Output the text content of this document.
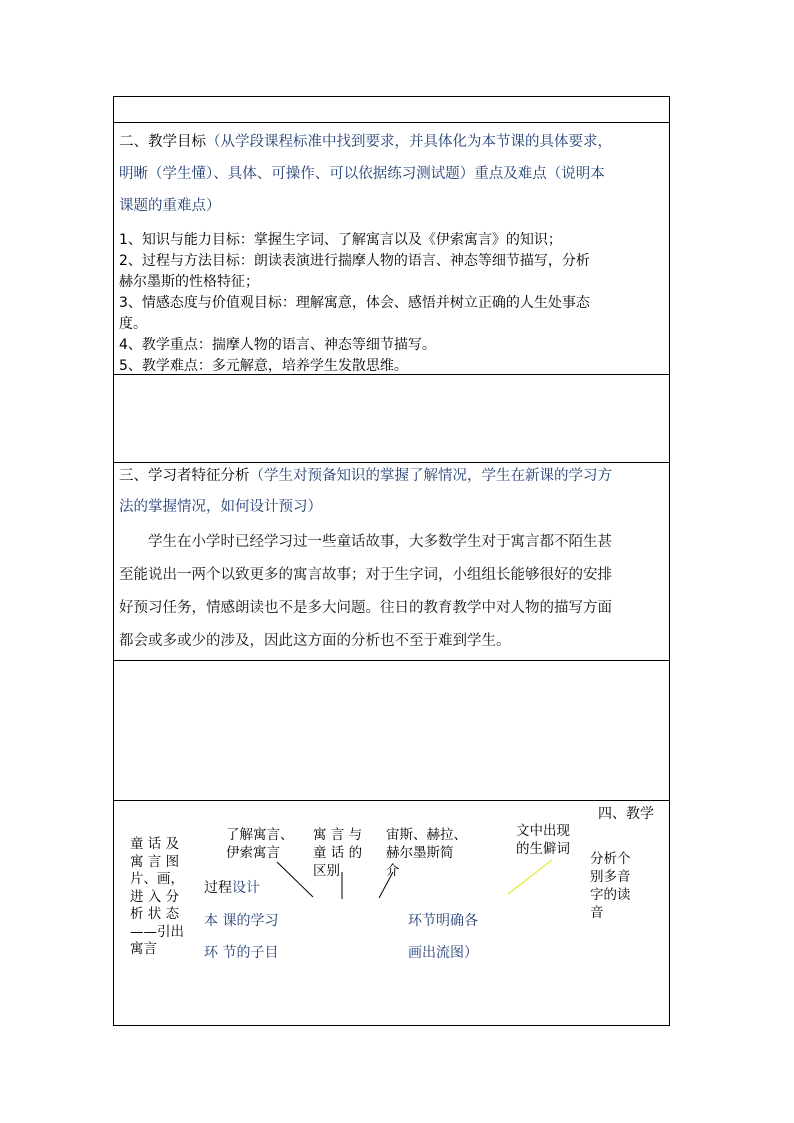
二、教学目标（从学段课程标准中找到要求，并具体化为本节课的具体要求，
明晰（学生懂）、具体、可操作、可以依据练习测试题）重点及难点（说明本
课题的重难点）
1、知识与能力目标：掌握生字词、了解寓言以及《伊索寓言》的知识；
2、过程与方法目标：朗读表演进行揣摩人物的语言、神态等细节描写，分析
赫尔墨斯的性格特征；
3、情感态度与价值观目标：理解寓意，体会、感悟并树立正确的人生处事态
度。
4、教学重点：揣摩人物的语言、神态等细节描写。
5、教学难点：多元解意，培养学生发散思维。
三、学习者特征分析（学生对预备知识的掌握了解情况，学生在新课的学习方
法的掌握情况，如何设计预习）
学生在小学时已经学习过一些童话故事，大多数学生对于寓言都不陌生甚
至能说出一两个以致更多的寓言故事；对于生字词，小组组长能够很好的安排
好预习任务，情感朗读也不是多大问题。往日的教育教学中对人物的描写方面
都会或多或少的涉及，因此这方面的分析也不至于难到学生。
四、教学
童 话 及
寓 言 图
片、画，
进 入 分
析 状 态
——引出
寓言
了解寓言、
伊索寓言
寓 言 与
童 话 的
区别
宙斯、赫拉、
赫尔墨斯简
介
文中出现
的生僻词
分析个
别多音
字的读
音
过程设计
本 课的学习
环 节的子目
环节明确各
画出流图）
